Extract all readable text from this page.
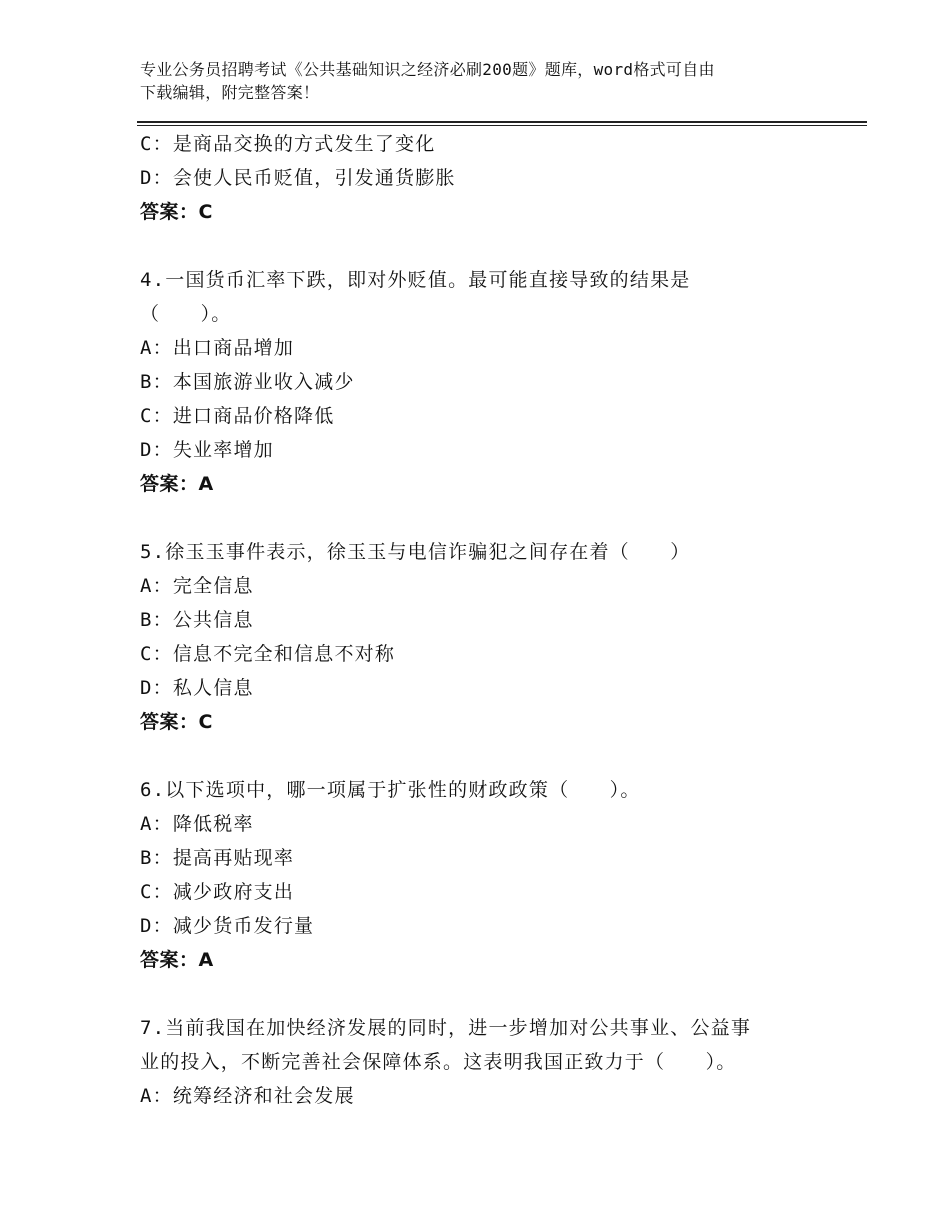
专业公务员招聘考试《公共基础知识之经济必刷200题》题库，word格式可自由
下载编辑，附完整答案！
C：是商品交换的方式发生了变化
D：会使人民币贬值，引发通货膨胀
答案：C
4.一国货币汇率下跌，即对外贬值。最可能直接导致的结果是
（　　）。
A：出口商品增加
B：本国旅游业收入减少
C：进口商品价格降低
D：失业率增加
答案：A
5.徐玉玉事件表示，徐玉玉与电信诈骗犯之间存在着（　　）
A：完全信息
B：公共信息
C：信息不完全和信息不对称
D：私人信息
答案：C
6.以下选项中，哪一项属于扩张性的财政政策（　　）。
A：降低税率
B：提高再贴现率
C：减少政府支出
D：减少货币发行量
答案：A
7.当前我国在加快经济发展的同时，进一步增加对公共事业、公益事
业的投入，不断完善社会保障体系。这表明我国正致力于（　　）。
A：统筹经济和社会发展
